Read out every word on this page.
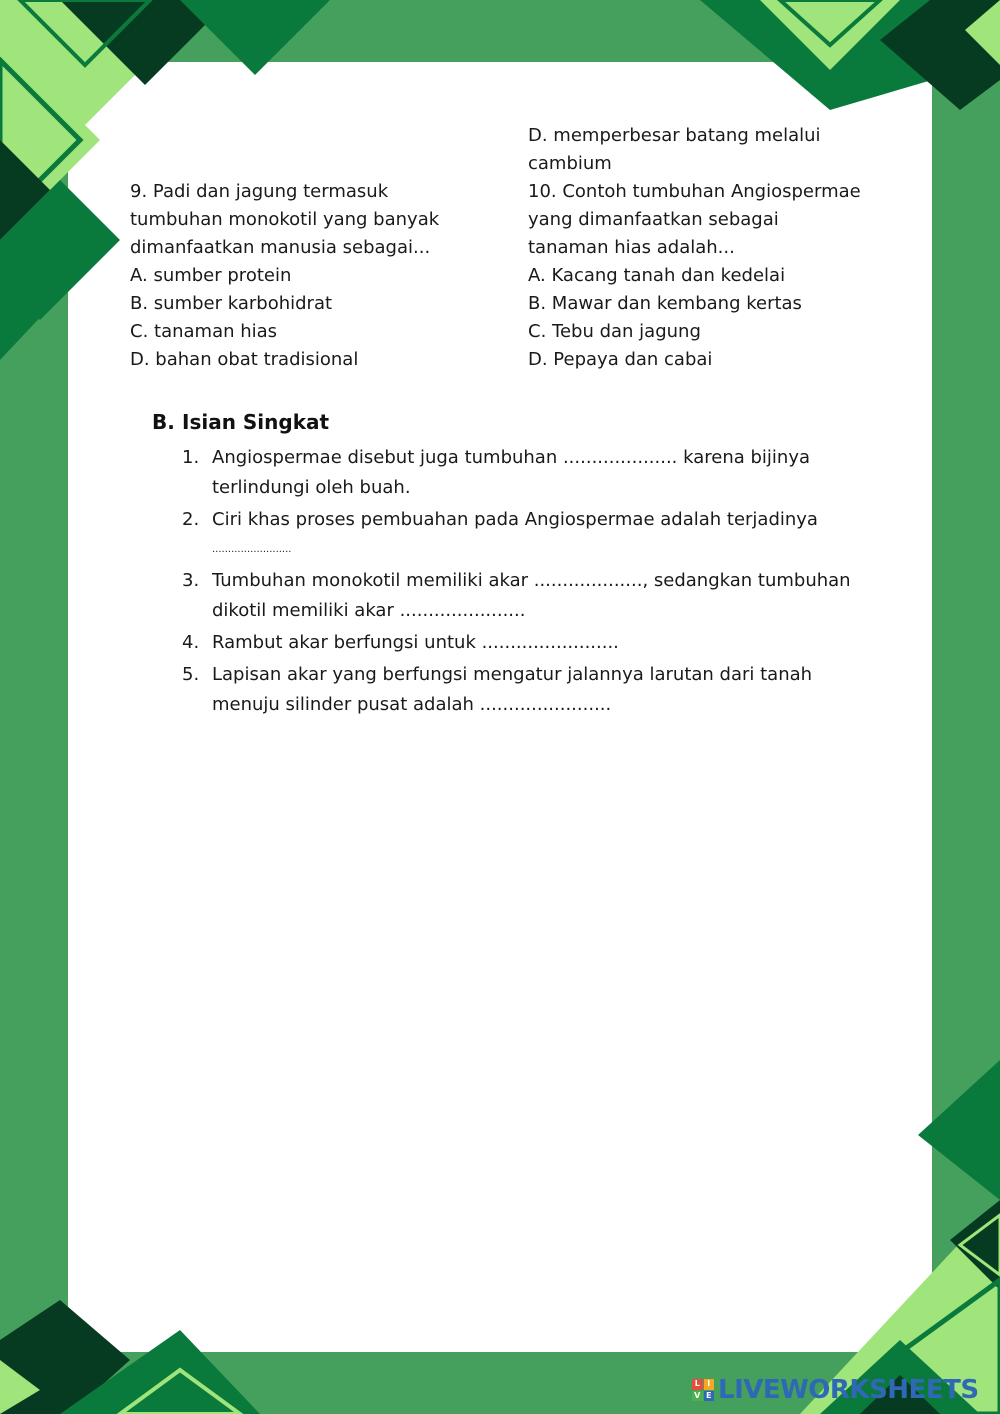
D. memperbesar batang melalui
cambium
9. Padi dan jagung termasuk
tumbuhan monokotil yang banyak
dimanfaatkan manusia sebagai...
A. sumber protein
B. sumber karbohidrat
C. tanaman hias
D. bahan obat tradisional
10. Contoh tumbuhan Angiospermae
yang dimanfaatkan sebagai
tanaman hias adalah...
A. Kacang tanah dan kedelai
B. Mawar dan kembang kertas
C. Tebu dan jagung
D. Pepaya dan cabai
B. Isian Singkat
1. Angiospermae disebut juga tumbuhan .................... karena bijinya
terlindungi oleh buah.
2. Ciri khas proses pembuahan pada Angiospermae adalah terjadinya
.........................
3. Tumbuhan monokotil memiliki akar ..................., sedangkan tumbuhan
dikotil memiliki akar ......................
4. Rambut akar berfungsi untuk ........................
5. Lapisan akar yang berfungsi mengatur jalannya larutan dari tanah
menuju silinder pusat adalah .......................
L I
V E LIVEWORKSHEETS
